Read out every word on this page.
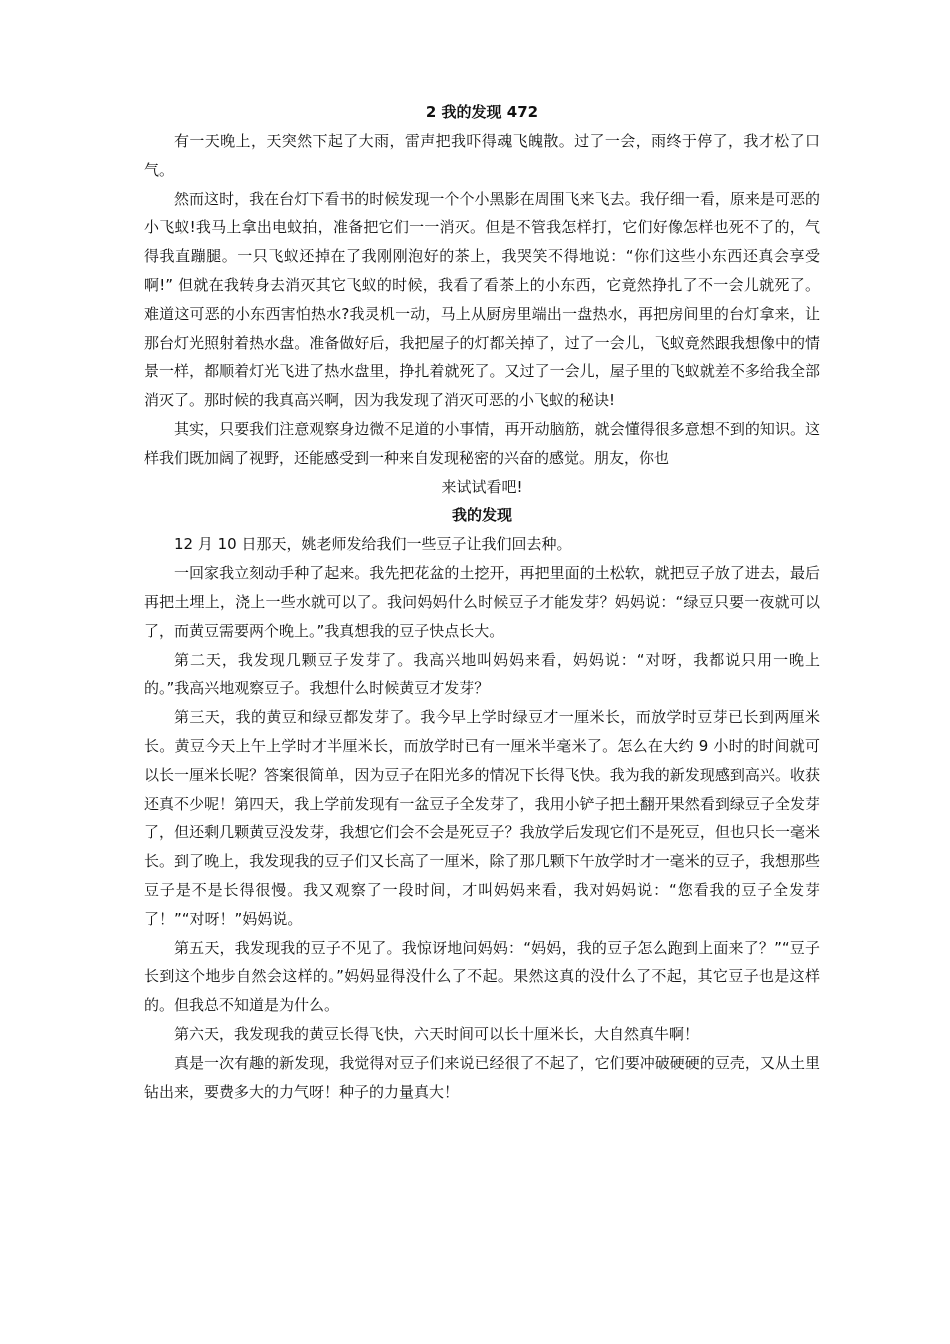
2 我的发现 472

有一天晚上，天突然下起了大雨，雷声把我吓得魂飞魄散。过了一会，雨终于停了，我才松了口气。

然而这时，我在台灯下看书的时候发现一个个小黑影在周围飞来飞去。我仔细一看，原来是可恶的小飞蚁!我马上拿出电蚊拍，准备把它们一一消灭。但是不管我怎样打，它们好像怎样也死不了的，气得我直蹦腿。一只飞蚁还掉在了我刚刚泡好的茶上，我哭笑不得地说：“你们这些小东西还真会享受啊!” 但就在我转身去消灭其它飞蚁的时候，我看了看茶上的小东西，它竟然挣扎了不一会儿就死了。难道这可恶的小东西害怕热水?我灵机一动，马上从厨房里端出一盘热水，再把房间里的台灯拿来，让那台灯光照射着热水盘。准备做好后，我把屋子的灯都关掉了，过了一会儿，飞蚁竟然跟我想像中的情景一样，都顺着灯光飞进了热水盘里，挣扎着就死了。又过了一会儿，屋子里的飞蚁就差不多给我全部消灭了。那时候的我真高兴啊，因为我发现了消灭可恶的小飞蚁的秘诀!

其实，只要我们注意观察身边微不足道的小事情，再开动脑筋，就会懂得很多意想不到的知识。这样我们既加阔了视野，还能感受到一种来自发现秘密的兴奋的感觉。朋友，你也

来试试看吧!

我的发现

12 月 10 日那天，姚老师发给我们一些豆子让我们回去种。

一回家我立刻动手种了起来。我先把花盆的土挖开，再把里面的土松软，就把豆子放了进去，最后再把土埋上，浇上一些水就可以了。我问妈妈什么时候豆子才能发芽？妈妈说：“绿豆只要一夜就可以了，而黄豆需要两个晚上。”我真想我的豆子快点长大。

第二天，我发现几颗豆子发芽了。我高兴地叫妈妈来看，妈妈说：“对呀，我都说只用一晚上的。”我高兴地观察豆子。我想什么时候黄豆才发芽？

第三天，我的黄豆和绿豆都发芽了。我今早上学时绿豆才一厘米长，而放学时豆芽已长到两厘米长。黄豆今天上午上学时才半厘米长，而放学时已有一厘米半毫米了。怎么在大约 9 小时的时间就可以长一厘米长呢？答案很简单，因为豆子在阳光多的情况下长得飞快。我为我的新发现感到高兴。收获还真不少呢！第四天，我上学前发现有一盆豆子全发芽了，我用小铲子把土翻开果然看到绿豆子全发芽了，但还剩几颗黄豆没发芽，我想它们会不会是死豆子？我放学后发现它们不是死豆，但也只长一毫米长。到了晚上，我发现我的豆子们又长高了一厘米，除了那几颗下午放学时才一毫米的豆子，我想那些豆子是不是长得很慢。我又观察了一段时间，才叫妈妈来看，我对妈妈说：“您看我的豆子全发芽了！”“对呀！”妈妈说。

第五天，我发现我的豆子不见了。我惊讶地问妈妈：“妈妈，我的豆子怎么跑到上面来了？”“豆子长到这个地步自然会这样的。”妈妈显得没什么了不起。果然这真的没什么了不起，其它豆子也是这样的。但我总不知道是为什么。

第六天，我发现我的黄豆长得飞快，六天时间可以长十厘米长，大自然真牛啊！

真是一次有趣的新发现，我觉得对豆子们来说已经很了不起了，它们要冲破硬硬的豆壳，又从土里钻出来，要费多大的力气呀！种子的力量真大！
